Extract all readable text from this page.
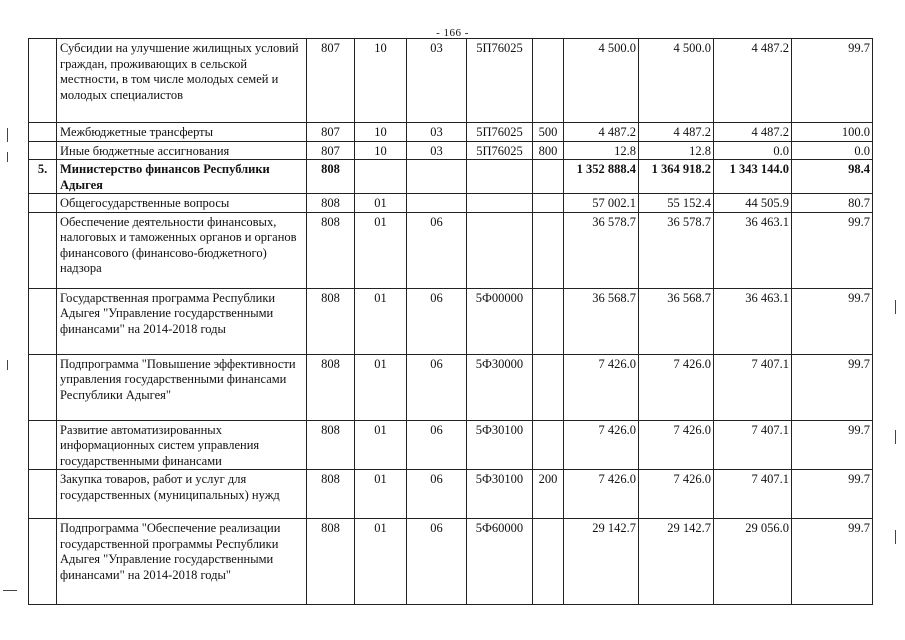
- 166 -
	Субсидии на улучшение жилищных условий граждан, проживающих в сельской местности, в том числе молодых семей и молодых специалистов	807	10	03	5П76025		4 500.0	4 500.0	4 487.2	99.7
	Межбюджетные трансферты	807	10	03	5П76025	500	4 487.2	4 487.2	4 487.2	100.0
	Иные бюджетные ассигнования	807	10	03	5П76025	800	12.8	12.8	0.0	0.0
5.	Министерство финансов Республики Адыгея	808					1 352 888.4	1 364 918.2	1 343 144.0	98.4
	Общегосударственные вопросы	808	01				57 002.1	55 152.4	44 505.9	80.7
	Обеспечение деятельности финансовых, налоговых и таможенных органов и органов финансового (финансово-бюджетного) надзора	808	01	06			36 578.7	36 578.7	36 463.1	99.7
	Государственная программа Республики Адыгея "Управление государственными финансами" на 2014-2018 годы	808	01	06	5Ф00000		36 568.7	36 568.7	36 463.1	99.7
	Подпрограмма "Повышение эффективности управления государственными финансами Республики Адыгея"	808	01	06	5Ф30000		7 426.0	7 426.0	7 407.1	99.7
	Развитие автоматизированных информационных систем управления государственными финансами	808	01	06	5Ф30100		7 426.0	7 426.0	7 407.1	99.7
	Закупка товаров, работ и услуг для государственных (муниципальных) нужд	808	01	06	5Ф30100	200	7 426.0	7 426.0	7 407.1	99.7
	Подпрограмма "Обеспечение реализации государственной программы Республики Адыгея "Управление государственными финансами" на 2014-2018 годы"	808	01	06	5Ф60000		29 142.7	29 142.7	29 056.0	99.7
